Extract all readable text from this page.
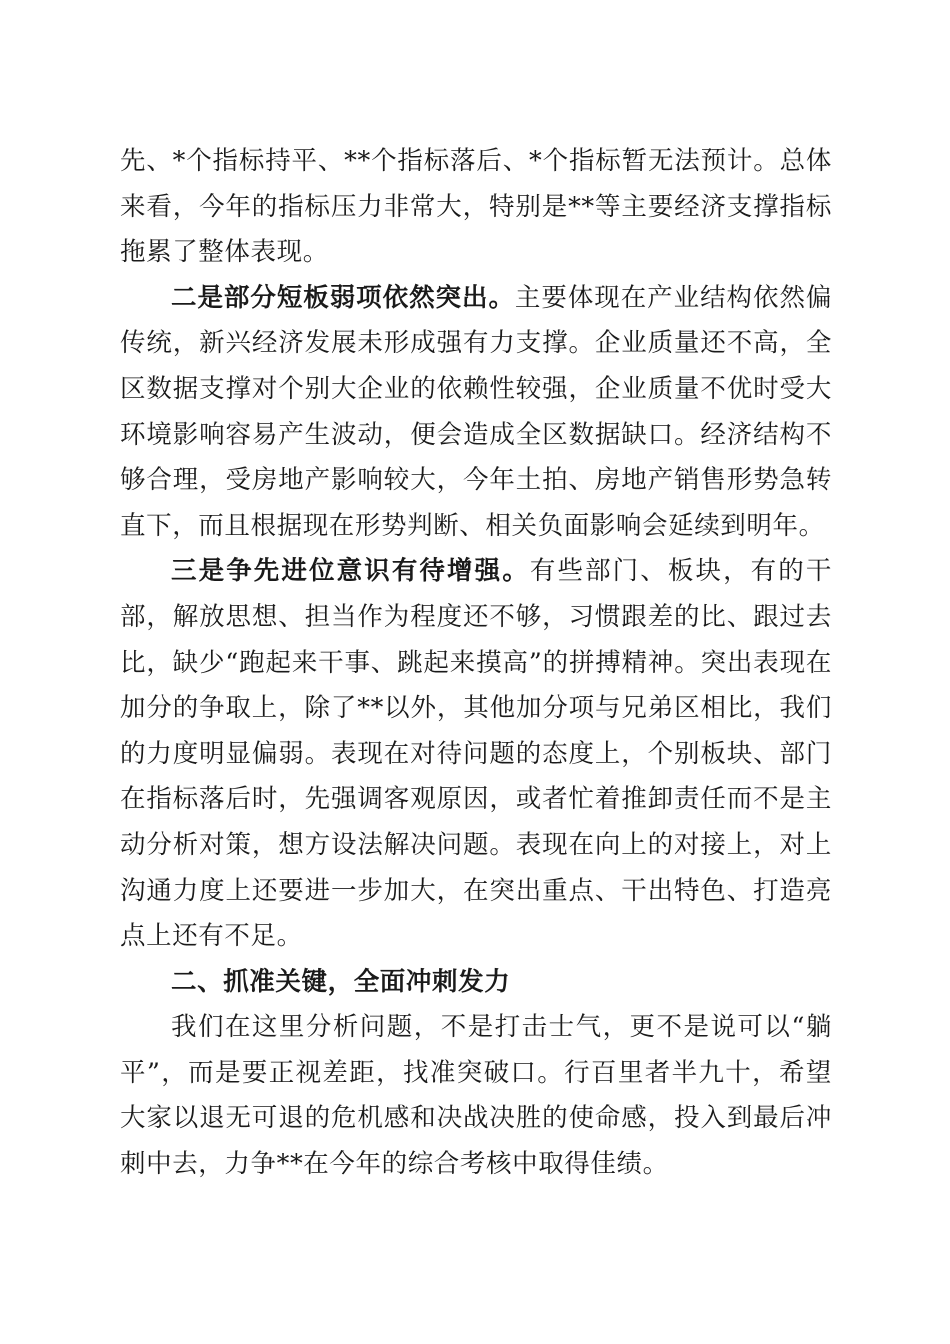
先、*个指标持平、**个指标落后、*个指标暂无法预计。总体来看，今年的指标压力非常大，特别是**等主要经济支撑指标拖累了整体表现。

二是部分短板弱项依然突出。主要体现在产业结构依然偏传统，新兴经济发展未形成强有力支撑。企业质量还不高，全区数据支撑对个别大企业的依赖性较强，企业质量不优时受大环境影响容易产生波动，便会造成全区数据缺口。经济结构不够合理，受房地产影响较大，今年土拍、房地产销售形势急转直下，而且根据现在形势判断、相关负面影响会延续到明年。

三是争先进位意识有待增强。有些部门、板块，有的干部，解放思想、担当作为程度还不够，习惯跟差的比、跟过去比，缺少“跑起来干事、跳起来摸高”的拼搏精神。突出表现在加分的争取上，除了**以外，其他加分项与兄弟区相比，我们的力度明显偏弱。表现在对待问题的态度上，个别板块、部门在指标落后时，先强调客观原因，或者忙着推卸责任而不是主动分析对策，想方设法解决问题。表现在向上的对接上，对上沟通力度上还要进一步加大，在突出重点、干出特色、打造亮点上还有不足。

二、抓准关键，全面冲刺发力

我们在这里分析问题，不是打击士气，更不是说可以“躺平”，而是要正视差距，找准突破口。行百里者半九十，希望大家以退无可退的危机感和决战决胜的使命感，投入到最后冲刺中去，力争**在今年的综合考核中取得佳绩。
